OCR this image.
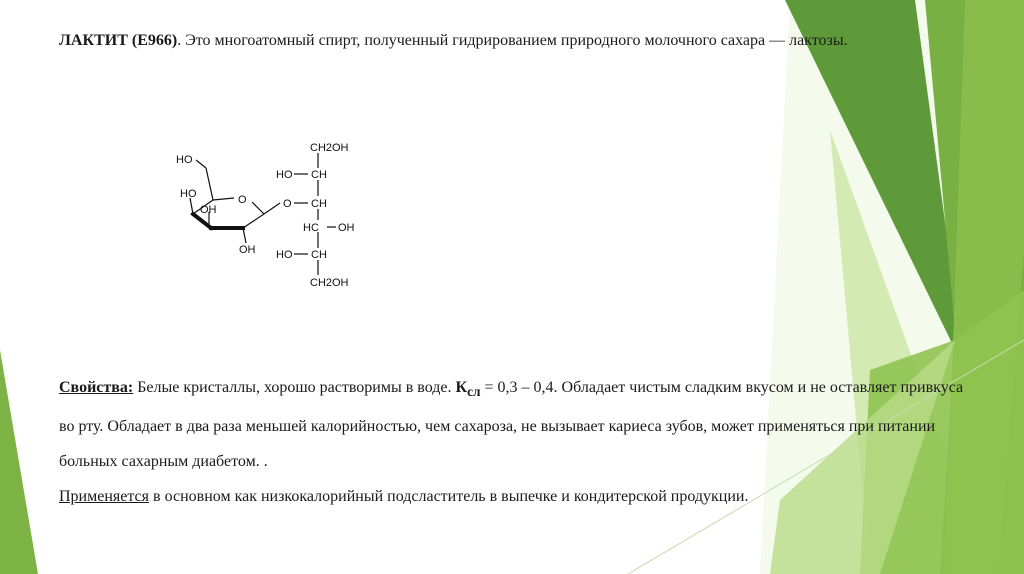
ЛАКТИТ (Е966). Это многоатомный спирт, полученный гидрированием природного молочного сахара — лактозы.
HO
HO
OH
O
OH
O
CH2OH
HO CH
CH
HC OH
HO CH
CH2OH
Свойства: Белые кристаллы, хорошо растворимы в воде. $К_{сл} = 0,3 - 0,4$. Обладает чистым сладким вкусом и не оставляет привкуса во рту. Обладает в два раза меньшей калорийностью, чем сахароза, не вызывает кариеса зубов, может применяться при питании больных сахарным диабетом. .
Применяется в основном как низкокалорийный подсластитель в выпечке и кондитерской продукции.
